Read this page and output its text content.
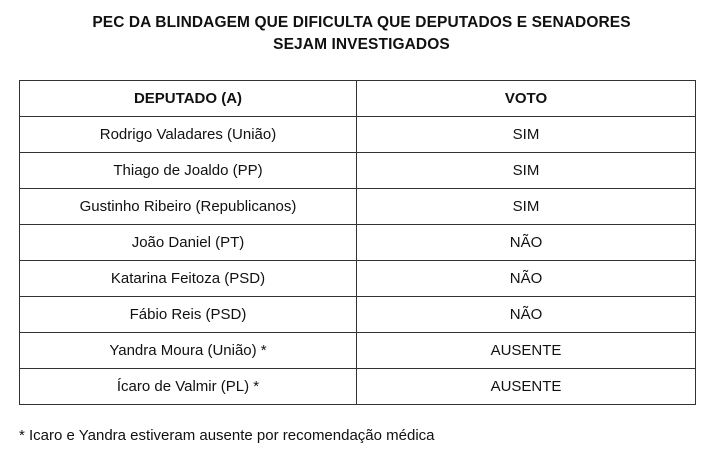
PEC DA BLINDAGEM QUE DIFICULTA QUE DEPUTADOS E SENADORES
SEJAM INVESTIGADOS
DEPUTADO (A)	VOTO
Rodrigo Valadares (União)	SIM
Thiago de Joaldo (PP)	SIM
Gustinho Ribeiro (Republicanos)	SIM
João Daniel (PT)	NÃO
Katarina Feitoza (PSD)	NÃO
Fábio Reis (PSD)	NÃO
Yandra Moura (União) *	AUSENTE
Ícaro de Valmir (PL) *	AUSENTE
* Icaro e Yandra estiveram ausente por recomendação médica
